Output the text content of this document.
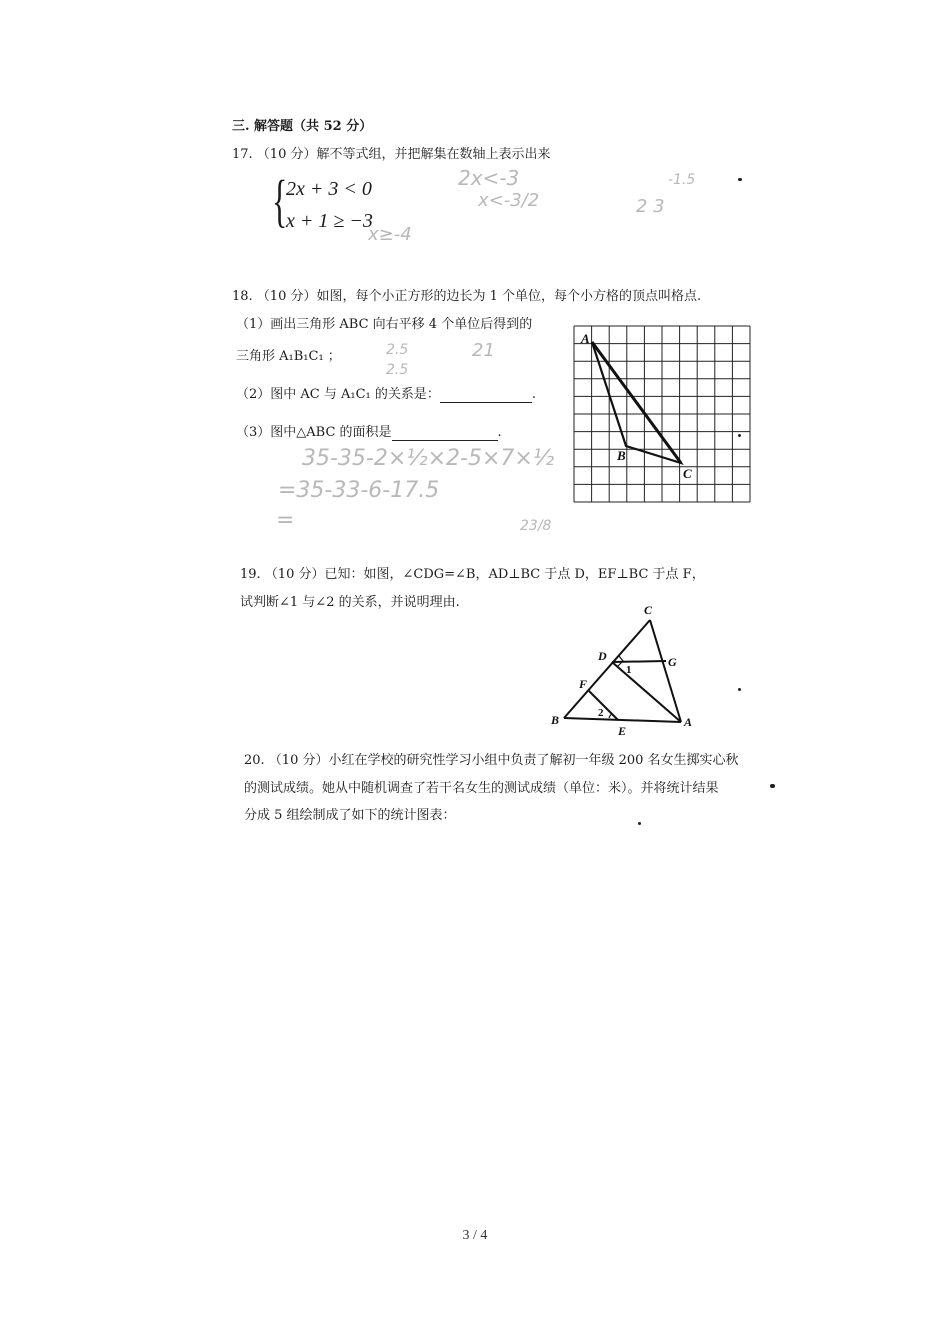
三. 解答题（共 52 分）
17. （10 分）解不等式组，并把解集在数轴上表示出来
{
2x + 3 < 0
x + 1 ≥ −3
2x<-3
x<-3/2
x≥-4
-1.5
2 3
18. （10 分）如图，每个小正方形的边长为 1 个单位，每个小方格的顶点叫格点.
（1）画出三角形 ABC 向右平移 4 个单位后得到的
三角形 A₁B₁C₁ ；
（2）图中 AC 与 A₁C₁ 的关系是：	.
（3）图中△ABC 的面积是	.
2.5
2.5
21
35-35-2×½×2-5×7×½
=35-33-6-17.5
=	23/8
A
B
C
19. （10 分）已知：如图，∠CDG=∠B，AD⊥BC 于点 D，EF⊥BC 于点 F，
试判断∠1 与∠2 的关系，并说明理由.	C
D	G
F
B
E
A
1
2
20. （10 分）小红在学校的研究性学习小组中负责了解初一年级 200 名女生掷实心秋
的测试成绩。她从中随机调查了若干名女生的测试成绩（单位：米）。并将统计结果
分成 5 组绘制成了如下的统计图表：
3 / 4
